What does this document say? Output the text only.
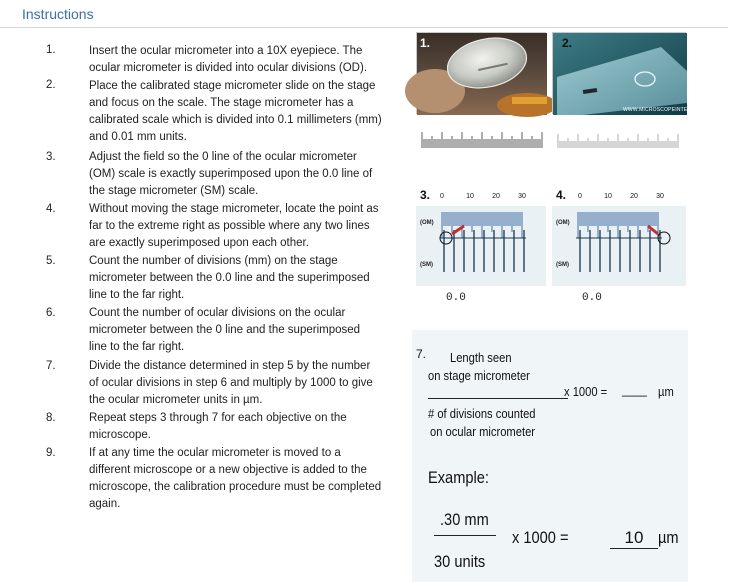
Instructions
1.	Insert the ocular micrometer into a 10X eyepiece. The
ocular micrometer is divided into ocular divisions (OD).
2.	Place the calibrated stage micrometer slide on the stage
and focus on the scale. The stage micrometer has a
calibrated scale which is divided into 0.1 millimeters (mm)
and 0.01 mm units.
3.	Adjust the field so the 0 line of the ocular micrometer
(OM) scale is exactly superimposed upon the 0.0 line of
the stage micrometer (SM) scale.
4.	Without moving the stage micrometer, locate the point as
far to the extreme right as possible where any two lines
are exactly superimposed upon each other.
5.	Count the number of divisions (mm) on the stage
micrometer between the 0.0 line and the superimposed
line to the far right.
6.	Count the number of ocular divisions on the ocular
micrometer between the 0 line and the superimposed
line to the far right.
7.	Divide the distance determined in step 5 by the number
of ocular divisions in step 6 and multiply by 1000 to give
the ocular micrometer units in µm.
8.	Repeat steps 3 through 7 for each objective on the
microscope.
9.	If at any time the ocular micrometer is moved to a
different microscope or a new objective is added to the
microscope, the calibration procedure must be completed
again.
1.
WWW.MICROSCOPEINTERNATIONAL.COM
2.
0	10	20	30
(OM)
(SM)
0.0
3.	0	10	20	30
(OM)
(SM)
0.0
4.
7. Length seen
on stage micrometer
x 1000 = ____ µm
# of divisions counted
on ocular micrometer
Example:
.30 mm
x 1000 =	10 µm
30 units
